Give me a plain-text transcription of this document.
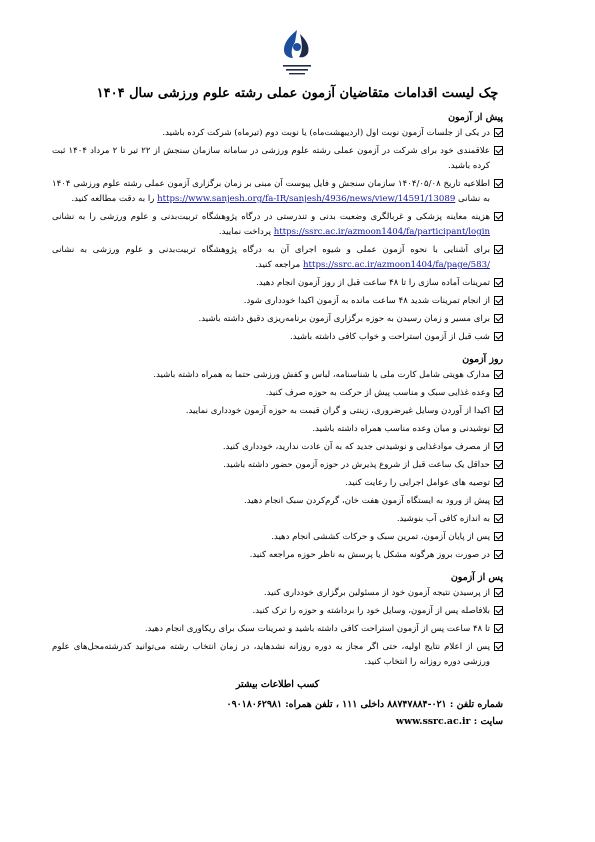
چک لیست اقدامات متقاضیان آزمون عملی رشته علوم ورزشی سال ۱۴۰۴
پیش از آزمون
در یکی از جلسات آزمون نوبت اول (اردیبهشت‌ماه) یا نوبت دوم (تیرماه) شرکت کرده باشید.
علاقمندی خود برای شرکت در آزمون عملی رشته علوم ورزشی در سامانه سازمان سنجش از ۲۲ تیر تا ۲ مرداد ۱۴۰۴ ثبت کرده باشید.
اطلاعیه تاریخ ۱۴۰۴/۰۵/۰۸ سازمان سنجش و فایل پیوست آن مبنی بر زمان برگزاری آزمون عملی رشته علوم ورزشی ۱۴۰۴ به نشانی https://www.sanjesh.org/fa-IR/sanjesh/4936/news/view/14591/13089 را به دقت مطالعه کنید.
هزینه معاینه پزشکی و غربالگری وضعیت بدنی و تندرستی در درگاه پژوهشگاه تربیت‌بدنی و علوم ورزشی را به نشانی https://ssrc.ac.ir/azmoon1404/fa/participant/login پرداخت نمایید.
برای آشنایی با نحوه آزمون عملی و شیوه اجرای آن به درگاه پژوهشگاه تربیت‌بدنی و علوم ورزشی به نشانی https://ssrc.ac.ir/azmoon1404/fa/page/583/ مراجعه کنید.
تمرینات آماده سازی را تا ۴۸ ساعت قبل از روز آزمون انجام دهید.
از انجام تمرینات شدید ۴۸ ساعت مانده به آزمون اکیدا خودداری شود.
برای مسیر و زمان رسیدن به حوزه برگزاری آزمون برنامه‌ریزی دقیق داشته باشید.
شب قبل از آزمون استراحت و خواب کافی داشته باشید.
روز آزمون
مدارک هویتی شامل کارت ملی یا شناسنامه، لباس و کفش ورزشی حتما به همراه داشته باشید.
وعده غذایی سبک و مناسب پیش از حرکت به حوزه صرف کنید.
اکیدا از آوردن وسایل غیرضروری، زینتی و گران قیمت به حوزه آزمون خودداری نمایید.
نوشیدنی و میان وعده مناسب همراه داشته باشید.
از مصرف موادغذایی و نوشیدنی جدید که به آن عادت ندارید، خودداری کنید.
حداقل یک ساعت قبل از شروع پذیرش در حوزه آزمون حضور داشته باشید.
توصیه های عوامل اجرایی را رعایت کنید.
پیش از ورود به ایستگاه آزمون هفت خان، گرم‌کردن سبک انجام دهید.
به اندازه کافی آب بنوشید.
پس از پایان آزمون، تمرین سبک و حرکات کششی انجام دهید.
در صورت بروز هرگونه مشکل یا پرسش به ناظر حوزه مراجعه کنید.
پس از آزمون
از پرسیدن نتیجه آزمون خود از مسئولین برگزاری خودداری کنید.
بلافاصله پس از آزمون، وسایل خود را برداشته و حوزه را ترک کنید.
تا ۴۸ ساعت پس از آزمون استراحت کافی داشته باشید و تمرینات سبک برای ریکاوری انجام دهید.
پس از اعلام نتایج اولیه، حتی اگر مجاز به دوره روزانه نشدهاید، در زمان انتخاب رشته می‌توانید کدرشته‌محل‌های علوم ورزشی دوره روزانه را انتخاب کنید.
کسب اطلاعات بیشتر
شماره تلفن : ۰۲۱-۸۸۷۴۷۸۸۴ داخلی ۱۱۱ ، تلفن همراه: ۰۹۰۱۸۰۶۲۹۸۱
سایت : www.ssrc.ac.ir
